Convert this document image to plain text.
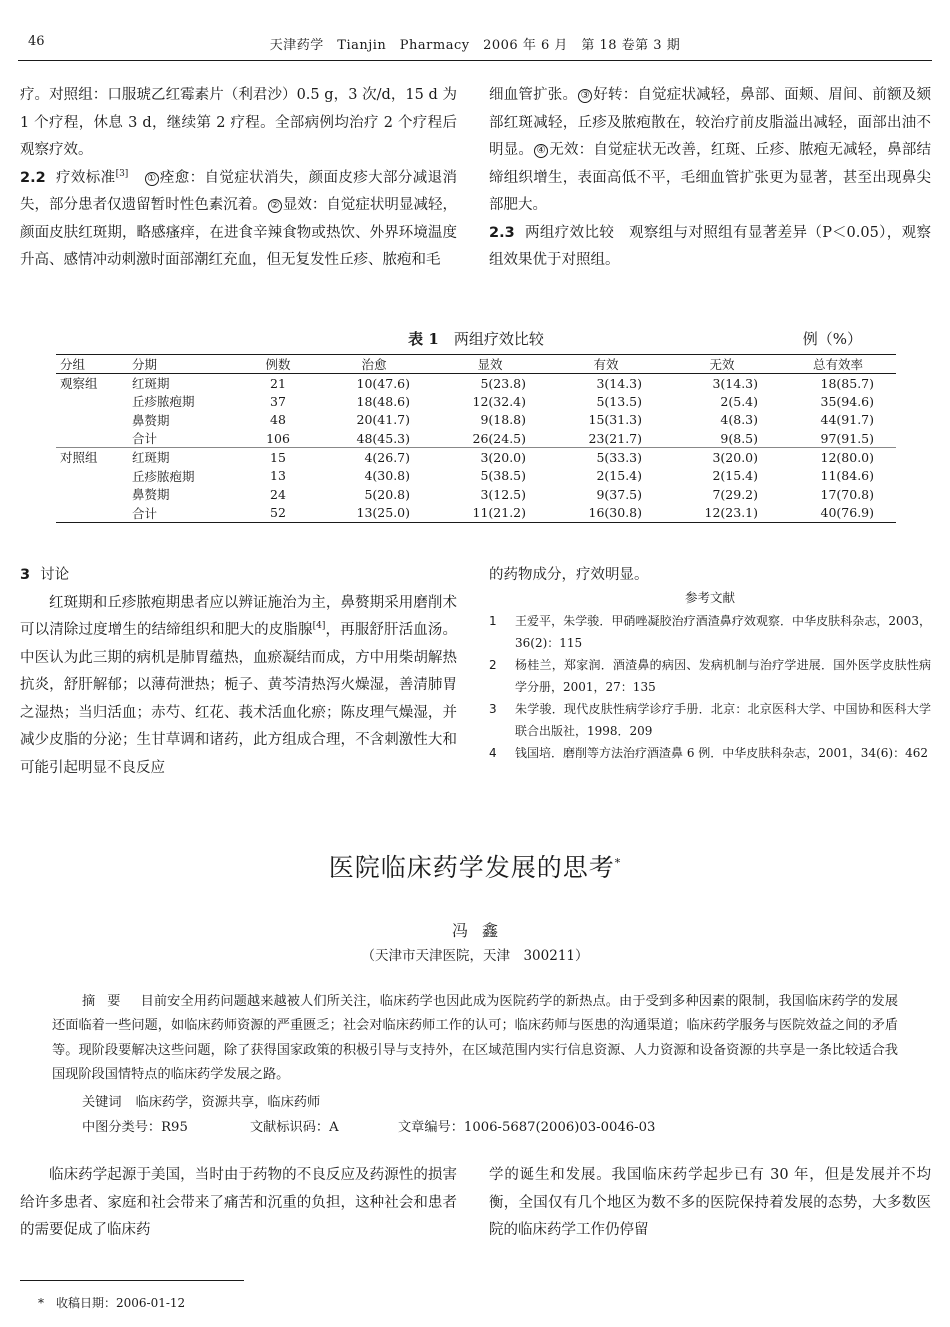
46	天津药学　Tianjin　Pharmacy　2006 年 6 月　第 18 卷第 3 期

疗。对照组：口服琥乙红霉素片（利君沙）0.5 g，3 次/d，15 d 为 1 个疗程，休息 3 d，继续第 2 疗程。全部病例均治疗 2 个疗程后观察疗效。

2.2 疗效标准[3]　 ① 痊愈：自觉症状消失，颜面皮疹大部分减退消失，部分患者仅遗留暂时性色素沉着。 ② 显效：自觉症状明显减轻，颜面皮肤红斑期，略感瘙痒，在进食辛辣食物或热饮、外界环境温度升高、感情冲动刺激时面部潮红充血，但无复发性丘疹、脓疱和毛

细血管扩张。 ③ 好转：自觉症状减轻，鼻部、面颊、眉间、前额及颏部红斑减轻，丘疹及脓疱散在，较治疗前皮脂溢出减轻，面部出油不明显。 ④ 无效：自觉症状无改善，红斑、丘疹、脓疱无减轻，鼻部结缔组织增生，表面高低不平，毛细血管扩张更为显著，甚至出现鼻尖部肥大。

2.3 两组疗效比较　观察组与对照组有显著差异（P＜0.05），观察组效果优于对照组。

表 1　 两组疗效比较	例（%）
分组	分期	例数	治愈	显效	有效	无效	总有效率
观察组	红斑期	21	10(47.6)	5(23.8)	3(14.3)	3(14.3)	18(85.7)
	丘疹脓疱期	37	18(48.6)	12(32.4)	5(13.5)	2(5.4)	35(94.6)
	鼻赘期	48	20(41.7)	9(18.8)	15(31.3)	4(8.3)	44(91.7)
	合计	106	48(45.3)	26(24.5)	23(21.7)	9(8.5)	97(91.5)
对照组	红斑期	15	4(26.7)	3(20.0)	5(33.3)	3(20.0)	12(80.0)
	丘疹脓疱期	13	4(30.8)	5(38.5)	2(15.4)	2(15.4)	11(84.6)
	鼻赘期	24	5(20.8)	3(12.5)	9(37.5)	7(29.2)	17(70.8)
	合计	52	13(25.0)	11(21.2)	16(30.8)	12(23.1)	40(76.9)

3 讨论

红斑期和丘疹脓疱期患者应以辨证施治为主，鼻赘期采用磨削术可以清除过度增生的结缔组织和肥大的皮脂腺[4]，再服舒肝活血汤。中医认为此三期的病机是肺胃蕴热，血瘀凝结而成，方中用柴胡解热抗炎，舒肝解郁；以薄荷泄热；栀子、黄芩清热泻火燥湿，善清肺胃之湿热；当归活血；赤芍、红花、莪术活血化瘀；陈皮理气燥湿，并减少皮脂的分泌；生甘草调和诸药，此方组成合理，不含刺激性大和可能引起明显不良反应

的药物成分，疗效明显。
参考文献
1	王爱平，朱学骏．甲硝唑凝胶治疗酒渣鼻疗效观察．中华皮肤科杂志，2003，36(2)：115
2	杨桂兰，郑家润．酒渣鼻的病因、发病机制与治疗学进展．国外医学皮肤性病学分册，2001，27：135
3	朱学骏．现代皮肤性病学诊疗手册．北京：北京医科大学、中国协和医科大学联合出版社，1998．209
4	钱国培．磨削等方法治疗酒渣鼻 6 例．中华皮肤科杂志，2001，34(6)：462
医院临床药学发展的思考*
冯鑫
（天津市天津医院，天津　300211）
摘要 目前安全用药问题越来越被人们所关注，临床药学也因此成为医院药学的新热点。由于受到多种因素的限制，我国临床药学的发展还面临着一些问题，如临床药师资源的严重匮乏；社会对临床药师工作的认可；临床药师与医患的沟通渠道；临床药学服务与医院效益之间的矛盾等。现阶段要解决这些问题，除了获得国家政策的积极引导与支持外，在区域范围内实行信息资源、人力资源和设备资源的共享是一条比较适合我国现阶段国情特点的临床药学发展之路。
关键词 临床药学，资源共享，临床药师
中图分类号：R95	文献标识码：A	文章编号：1006-5687(2006)03-0046-03
临床药学起源于美国，当时由于药物的不良反应及药源性的损害给许多患者、家庭和社会带来了痛苦和沉重的负担，这种社会和患者的需要促成了临床药
学的诞生和发展。我国临床药学起步已有 30 年，但是发展并不均衡，全国仅有几个地区为数不多的医院保持着发展的态势，大多数医院的临床药学工作仍停留
* 收稿日期：2006-01-12
